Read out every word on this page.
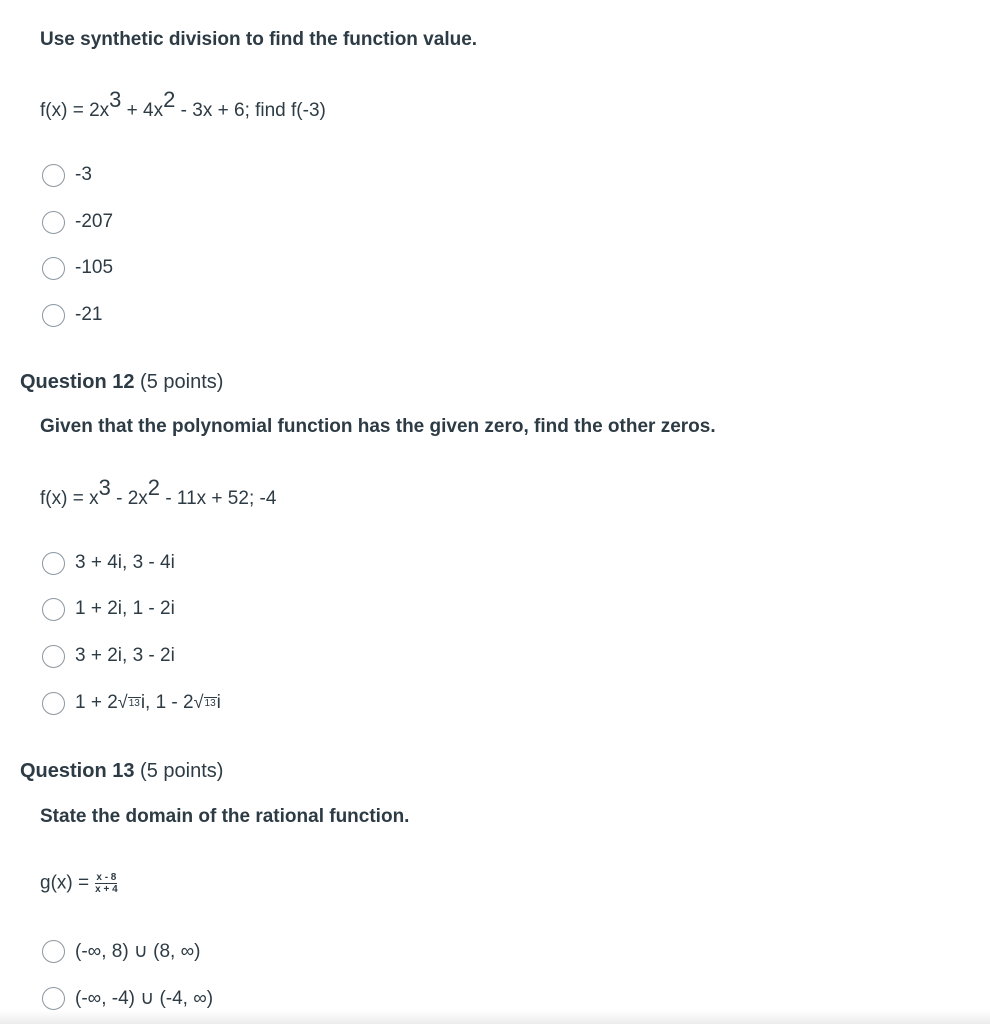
Use synthetic division to find the function value.
$f(x) = 2x^3 + 4x^2 - 3x + 6$; find f(-3)
-3
-207
-105
-21
Question 12 (5 points)
Given that the polynomial function has the given zero, find the other zeros.
$f(x) = x^3 - 2x^2 - 11x + 52$; -4
3 + 4i, 3 - 4i
1 + 2i, 1 - 2i
3 + 2i, 3 - 2i
1 + 2 √ 13 i, 1 - 2 √ 13 i
Question 13 (5 points)
State the domain of the rational function.
$g(x) = \frac{x - 8}{x + 4}$
(-∞, 8) ∪ (8, ∞)
(-∞, -4) ∪ (-4, ∞)
